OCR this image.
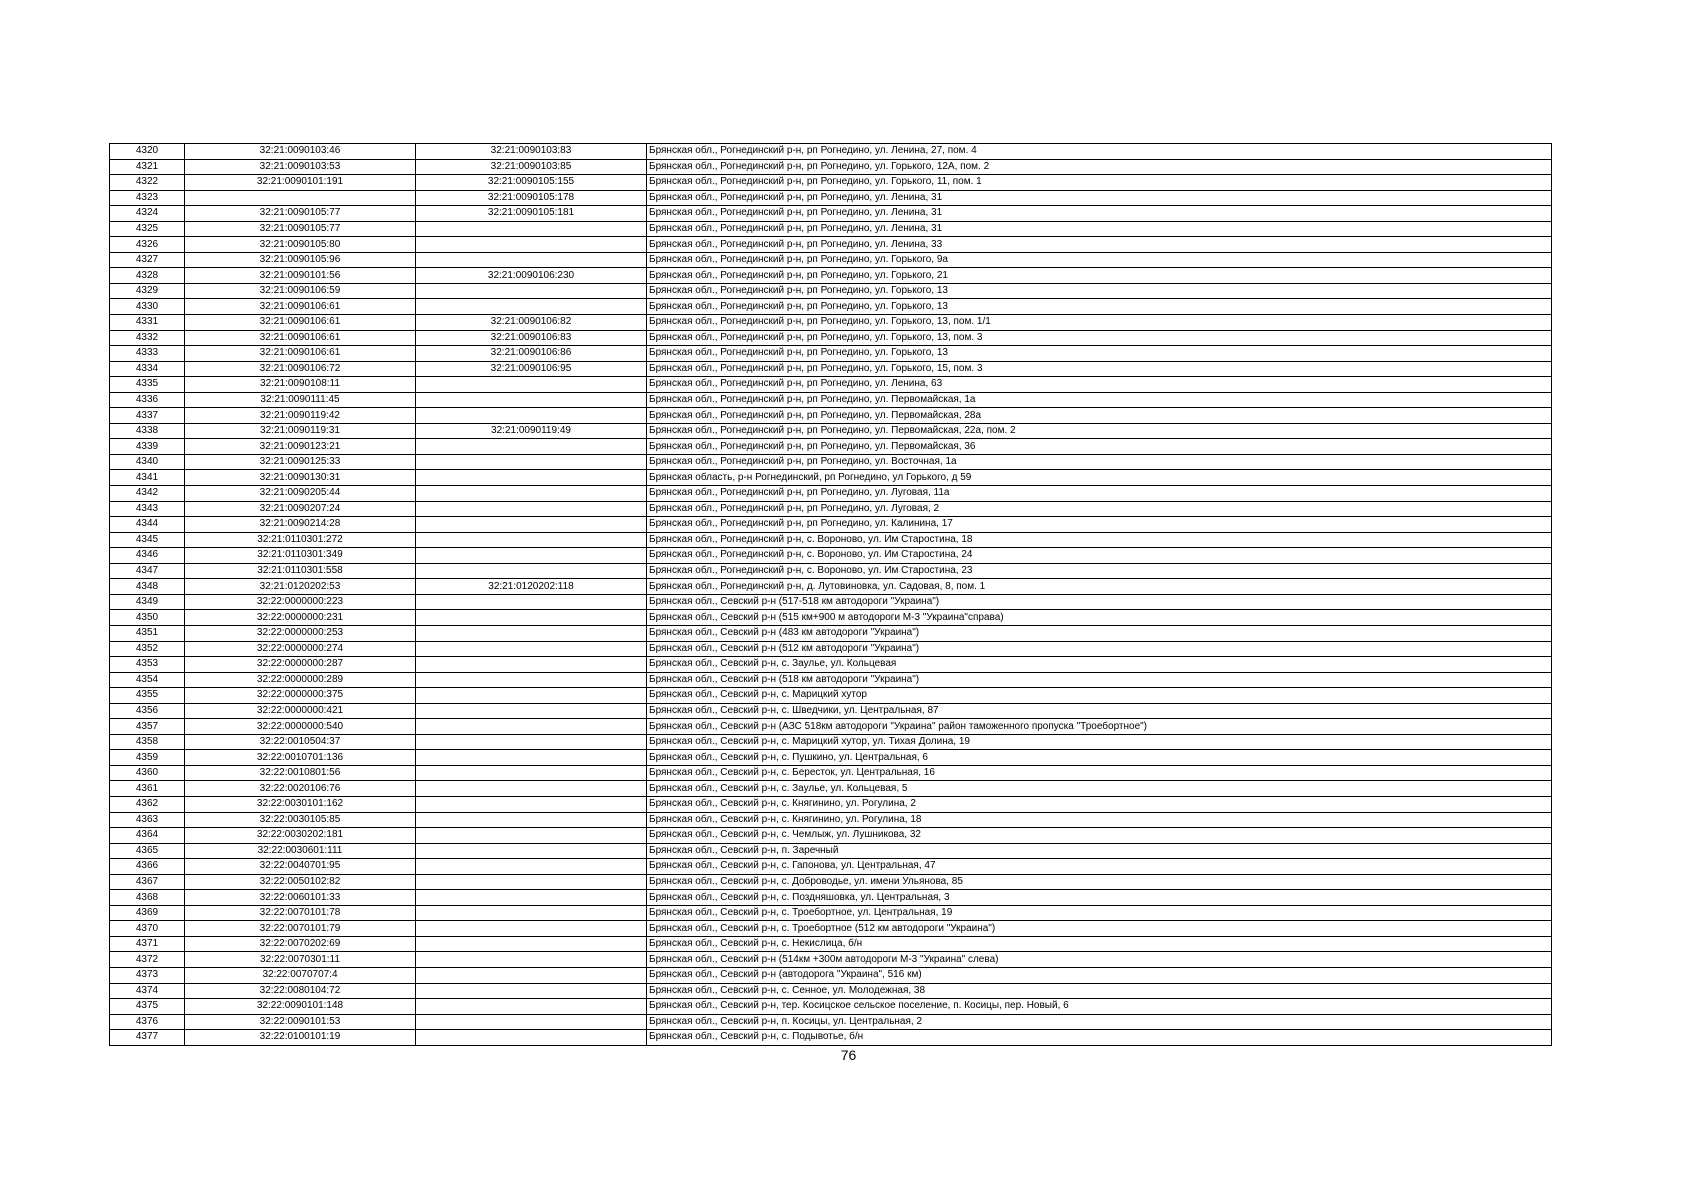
4320	32:21:0090103:46	32:21:0090103:83	Брянская обл., Рогнединский р-н, рп Рогнедино, ул. Ленина, 27, пом. 4
4321	32:21:0090103:53	32:21:0090103:85	Брянская обл., Рогнединский р-н, рп Рогнедино, ул. Горького, 12А, пом. 2
4322	32:21:0090101:191	32:21:0090105:155	Брянская обл., Рогнединский р-н, рп Рогнедино, ул. Горького, 11, пом. 1
4323		32:21:0090105:178	Брянская обл., Рогнединский р-н, рп Рогнедино, ул. Ленина, 31
4324	32:21:0090105:77	32:21:0090105:181	Брянская обл., Рогнединский р-н, рп Рогнедино, ул. Ленина, 31
4325	32:21:0090105:77		Брянская обл., Рогнединский р-н, рп Рогнедино, ул. Ленина, 31
4326	32:21:0090105:80		Брянская обл., Рогнединский р-н, рп Рогнедино, ул. Ленина, 33
4327	32:21:0090105:96		Брянская обл., Рогнединский р-н, рп Рогнедино, ул. Горького, 9а
4328	32:21:0090101:56	32:21:0090106:230	Брянская обл., Рогнединский р-н, рп Рогнедино, ул. Горького, 21
4329	32:21:0090106:59		Брянская обл., Рогнединский р-н, рп Рогнедино, ул. Горького, 13
4330	32:21:0090106:61		Брянская обл., Рогнединский р-н, рп Рогнедино, ул. Горького, 13
4331	32:21:0090106:61	32:21:0090106:82	Брянская обл., Рогнединский р-н, рп Рогнедино, ул. Горького, 13, пом. 1/1
4332	32:21:0090106:61	32:21:0090106:83	Брянская обл., Рогнединский р-н, рп Рогнедино, ул. Горького, 13, пом. 3
4333	32:21:0090106:61	32:21:0090106:86	Брянская обл., Рогнединский р-н, рп Рогнедино, ул. Горького, 13
4334	32:21:0090106:72	32:21:0090106:95	Брянская обл., Рогнединский р-н, рп Рогнедино, ул. Горького, 15, пом. 3
4335	32:21:0090108:11		Брянская обл., Рогнединский р-н, рп Рогнедино, ул. Ленина, 63
4336	32:21:0090111:45		Брянская обл., Рогнединский р-н, рп Рогнедино, ул. Первомайская, 1а
4337	32:21:0090119:42		Брянская обл., Рогнединский р-н, рп Рогнедино, ул. Первомайская, 28а
4338	32:21:0090119:31	32:21:0090119:49	Брянская обл., Рогнединский р-н, рп Рогнедино, ул. Первомайская, 22а, пом. 2
4339	32:21:0090123:21		Брянская обл., Рогнединский р-н, рп Рогнедино, ул. Первомайская, 36
4340	32:21:0090125:33		Брянская обл., Рогнединский р-н, рп Рогнедино, ул. Восточная, 1а
4341	32:21:0090130:31		Брянская область, р-н Рогнединский, рп Рогнедино, ул Горького, д 59
4342	32:21:0090205:44		Брянская обл., Рогнединский р-н, рп Рогнедино, ул. Луговая, 11а
4343	32:21:0090207:24		Брянская обл., Рогнединский р-н, рп Рогнедино, ул. Луговая, 2
4344	32:21:0090214:28		Брянская обл., Рогнединский р-н, рп Рогнедино, ул. Калинина, 17
4345	32:21:0110301:272		Брянская обл., Рогнединский р-н, с. Вороново, ул. Им Старостина, 18
4346	32:21:0110301:349		Брянская обл., Рогнединский р-н, с. Вороново, ул. Им Старостина, 24
4347	32:21:0110301:558		Брянская обл., Рогнединский р-н, с. Вороново, ул. Им Старостина, 23
4348	32:21:0120202:53	32:21:0120202:118	Брянская обл., Рогнединский р-н, д. Лутовиновка, ул. Садовая, 8, пом. 1
4349	32:22:0000000:223		Брянская обл., Севский р-н (517-518 км автодороги "Украина")
4350	32:22:0000000:231		Брянская обл., Севский р-н (515 км+900 м автодороги М-3 "Украина"справа)
4351	32:22:0000000:253		Брянская обл., Севский р-н (483 км автодороги "Украина")
4352	32:22:0000000:274		Брянская обл., Севский р-н (512 км автодороги "Украина")
4353	32:22:0000000:287		Брянская обл., Севский р-н, с. Заулье, ул. Кольцевая
4354	32:22:0000000:289		Брянская обл., Севский р-н (518 км автодороги "Украина")
4355	32:22:0000000:375		Брянская обл., Севский р-н, с. Марицкий хутор
4356	32:22:0000000:421		Брянская обл., Севский р-н, с. Шведчики, ул. Центральная, 87
4357	32:22:0000000:540		Брянская обл., Севский р-н (АЗС 518км автодороги "Украина" район таможенного пропуска "Троебортное")
4358	32:22:0010504:37		Брянская обл., Севский р-н, с. Марицкий хутор, ул. Тихая Долина, 19
4359	32:22:0010701:136		Брянская обл., Севский р-н, с. Пушкино, ул. Центральная, 6
4360	32:22:0010801:56		Брянская обл., Севский р-н, с. Бересток, ул. Центральная, 16
4361	32:22:0020106:76		Брянская обл., Севский р-н, с. Заулье, ул. Кольцевая, 5
4362	32:22:0030101:162		Брянская обл., Севский р-н, с. Княгинино, ул. Рогулина, 2
4363	32:22:0030105:85		Брянская обл., Севский р-н, с. Княгинино, ул. Рогулина, 18
4364	32:22:0030202:181		Брянская обл., Севский р-н, с. Чемлыж, ул. Лушникова, 32
4365	32:22:0030601:111		Брянская обл., Севский р-н, п. Заречный
4366	32:22:0040701:95		Брянская обл., Севский р-н, с. Гапонова, ул. Центральная, 47
4367	32:22:0050102:82		Брянская обл., Севский р-н, с. Доброводье, ул. имени Ульянова, 85
4368	32:22:0060101:33		Брянская обл., Севский р-н, с. Поздняшовка, ул. Центральная, 3
4369	32:22:0070101:78		Брянская обл., Севский р-н, с. Троебортное, ул. Центральная, 19
4370	32:22:0070101:79		Брянская обл., Севский р-н, с. Троебортное (512 км автодороги "Украина")
4371	32:22:0070202:69		Брянская обл., Севский р-н, с. Некислица, б/н
4372	32:22:0070301:11		Брянская обл., Севский р-н (514км +300м автодороги М-3 "Украина" слева)
4373	32:22:0070707:4		Брянская обл., Севский р-н (автодорога "Украина", 516 км)
4374	32:22:0080104:72		Брянская обл., Севский р-н, с. Сенное, ул. Молодежная, 38
4375	32:22:0090101:148		Брянская обл., Севский р-н, тер. Косицское сельское поселение, п. Косицы, пер. Новый, 6
4376	32:22:0090101:53		Брянская обл., Севский р-н, п. Косицы, ул. Центральная, 2
4377	32:22:0100101:19		Брянская обл., Севский р-н, с. Подывотье, б/н
76
